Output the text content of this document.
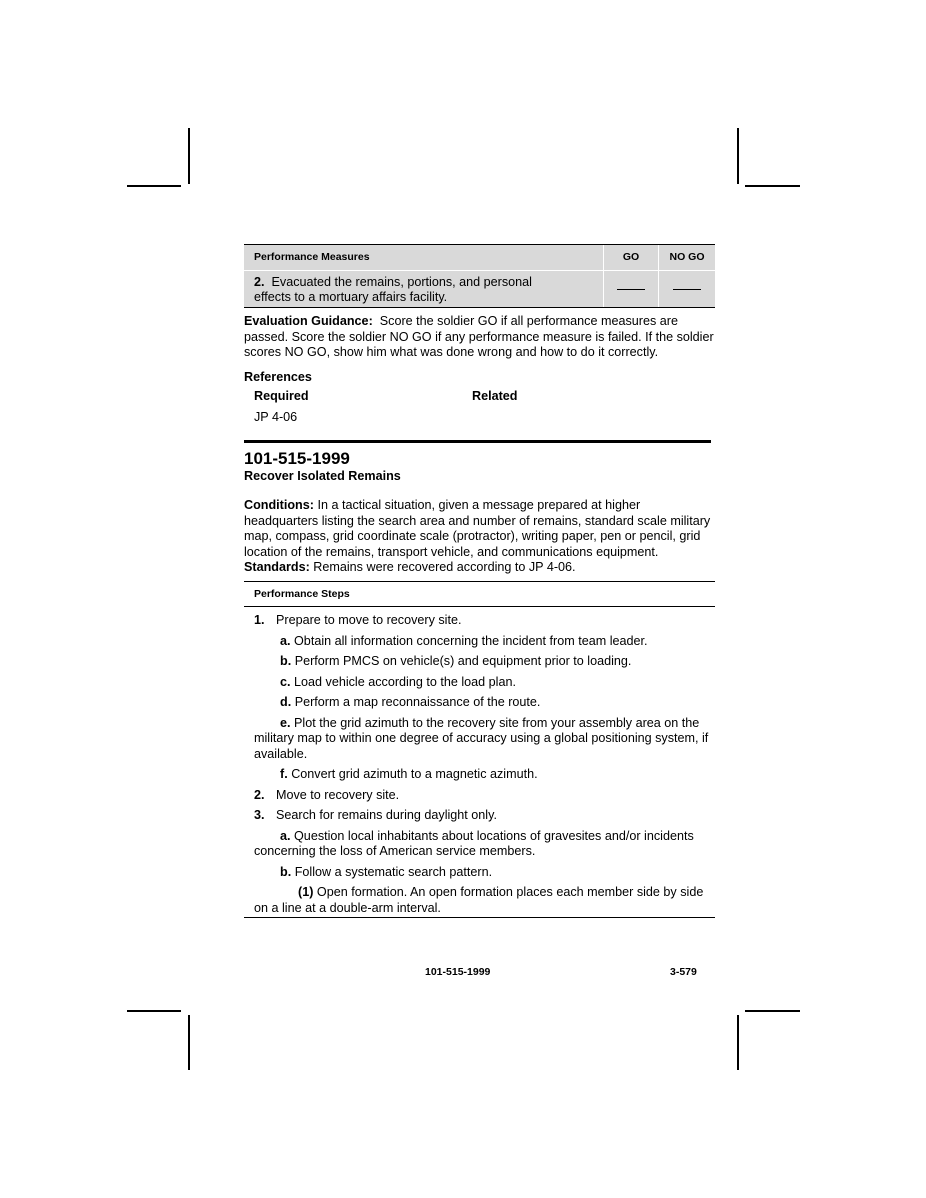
Performance Measures	GO	NO GO
2. Evacuated the remains, portions, and personal effects to a mortuary affairs facility.		

Evaluation Guidance: Score the soldier GO if all performance measures are passed. Score the soldier NO GO if any performance measure is failed. If the soldier scores NO GO, show him what was done wrong and how to do it correctly.

References

Required	Related

JP 4-06

101-515-1999

Recover Isolated Remains

Conditions: In a tactical situation, given a message prepared at higher headquarters listing the search area and number of remains, standard scale military map, compass, grid coordinate scale (protractor), writing paper, pen or pencil, grid location of the remains, transport vehicle, and communications equipment.

Standards: Remains were recovered according to JP 4-06.

Performance Steps

1. Prepare to move to recovery site.

a. Obtain all information concerning the incident from team leader.

b. Perform PMCS on vehicle(s) and equipment prior to loading.

c. Load vehicle according to the load plan.

d. Perform a map reconnaissance of the route.

e. Plot the grid azimuth to the recovery site from your assembly area on the military map to within one degree of accuracy using a global positioning system, if available.

f. Convert grid azimuth to a magnetic azimuth.

2. Move to recovery site.

3. Search for remains during daylight only.

a. Question local inhabitants about locations of gravesites and/or incidents concerning the loss of American service members.

b. Follow a systematic search pattern.

(1) Open formation. An open formation places each member side by side on a line at a double-arm interval.

101-515-1999	3-579
